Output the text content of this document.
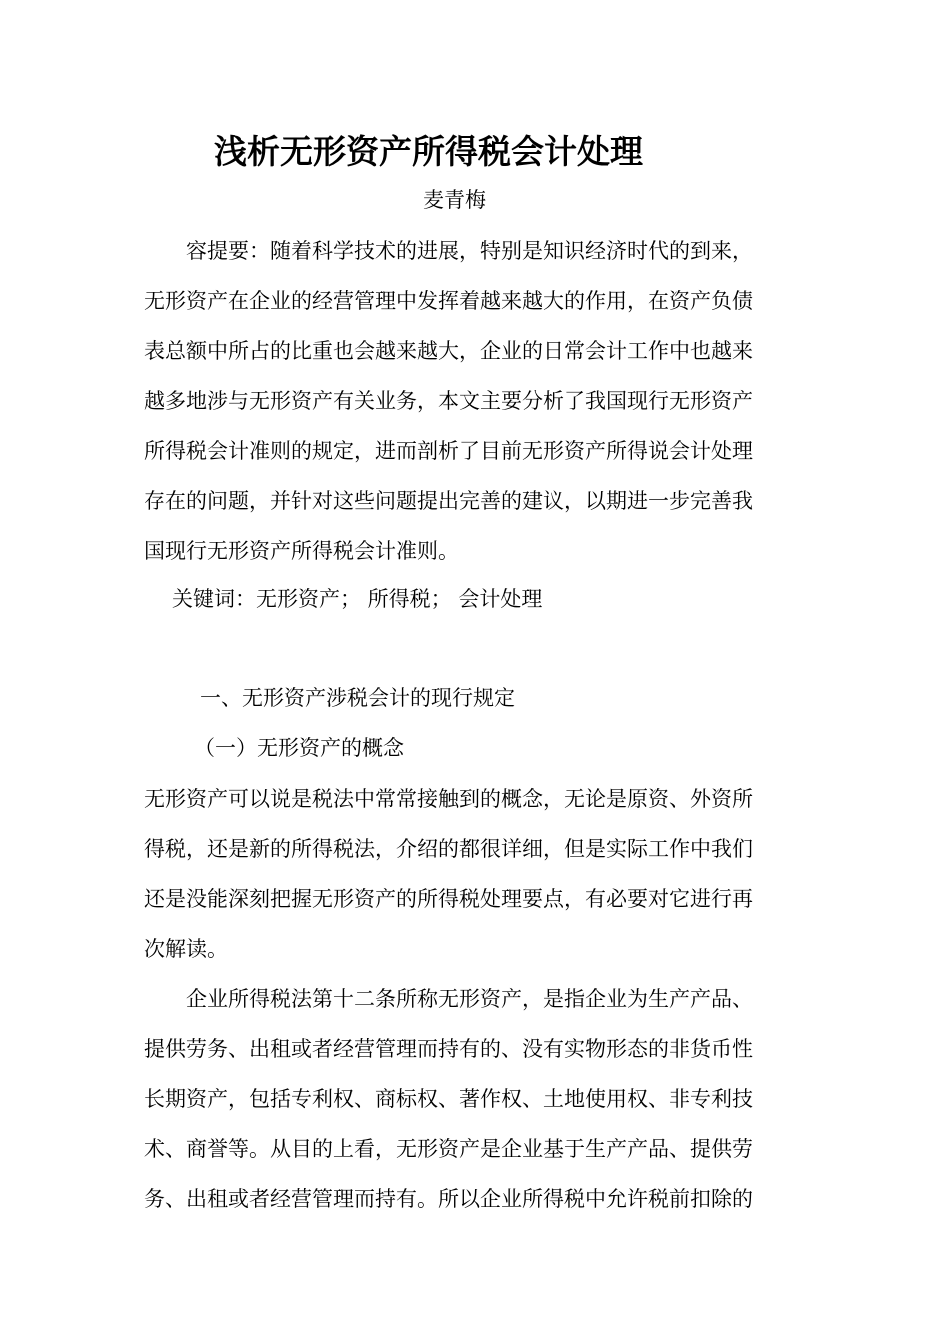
浅析无形资产所得税会计处理
麦青梅
　　容提要：随着科学技术的进展，特别是知识经济时代的到来，
无形资产在企业的经营管理中发挥着越来越大的作用，在资产负债
表总额中所占的比重也会越来越大，企业的日常会计工作中也越来
越多地涉与无形资产有关业务，本文主要分析了我国现行无形资产
所得税会计准则的规定，进而剖析了目前无形资产所得说会计处理
存在的问题，并针对这些问题提出完善的建议，以期进一步完善我
国现行无形资产所得税会计准则。
关键词：无形资产； 所得税； 会计处理
一、无形资产涉税会计的现行规定
（一）无形资产的概念
无形资产可以说是税法中常常接触到的概念，无论是原资、外资所
得税，还是新的所得税法，介绍的都很详细，但是实际工作中我们
还是没能深刻把握无形资产的所得税处理要点，有必要对它进行再
次解读。
　　企业所得税法第十二条所称无形资产，是指企业为生产产品、
提供劳务、出租或者经营管理而持有的、没有实物形态的非货币性
长期资产，包括专利权、商标权、著作权、土地使用权、非专利技
术、商誉等。从目的上看，无形资产是企业基于生产产品、提供劳
务、出租或者经营管理而持有。所以企业所得税中允许税前扣除的
